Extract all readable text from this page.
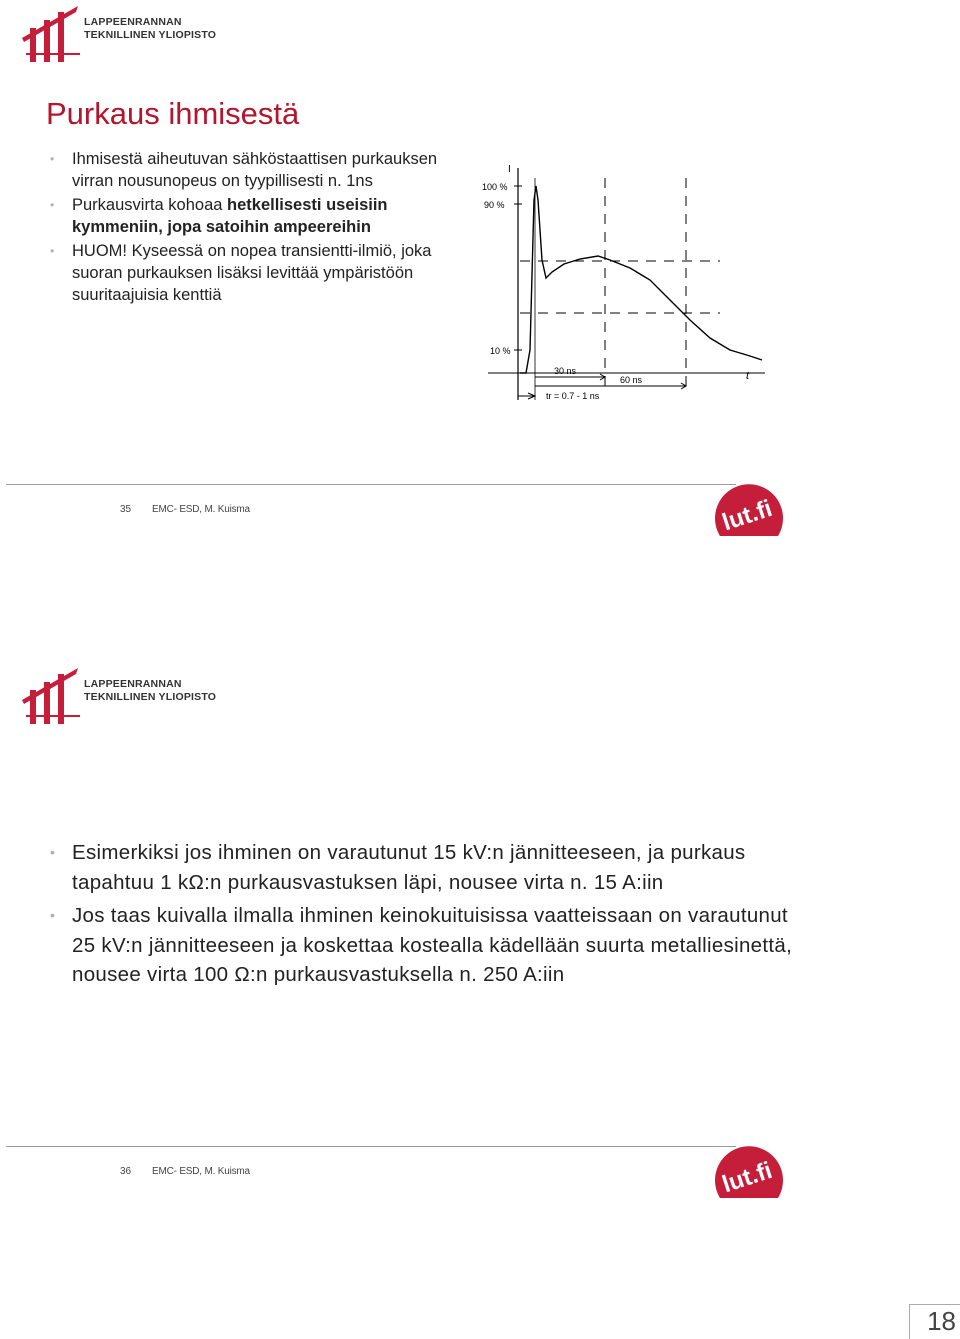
LAPPEENRANNAN
TEKNILLINEN YLIOPISTO
Purkaus ihmisestä
• Ihmisestä aiheutuvan sähköstaattisen purkauksen virran nousunopeus on tyypillisesti n. 1ns
• Purkausvirta kohoaa hetkellisesti useisiin kymmeniin, jopa satoihin ampeereihin
• HUOM! Kyseessä on nopea transientti-ilmiö, joka suoran purkauksen lisäksi levittää ympäristöön suuritaajuisia kenttiä
I
100 %
90 %
10 %
30 ns
60 ns	t
tr = 0.7 - 1 ns
35 EMC- ESD, M. Kuisma	lut.fi
LAPPEENRANNAN
TEKNILLINEN YLIOPISTO
• Esimerkiksi jos ihminen on varautunut 15 kV:n jännitteeseen, ja purkaus tapahtuu 1 kΩ:n purkausvastuksen läpi, nousee virta n. 15 A:iin
• Jos taas kuivalla ilmalla ihminen keinokuituisissa vaatteissaan on varautunut 25 kV:n jännitteeseen ja koskettaa kostealla kädellään suurta metalliesinettä, nousee virta 100 Ω:n purkausvastuksella n. 250 A:iin
36 EMC- ESD, M. Kuisma	lut.fi
18
